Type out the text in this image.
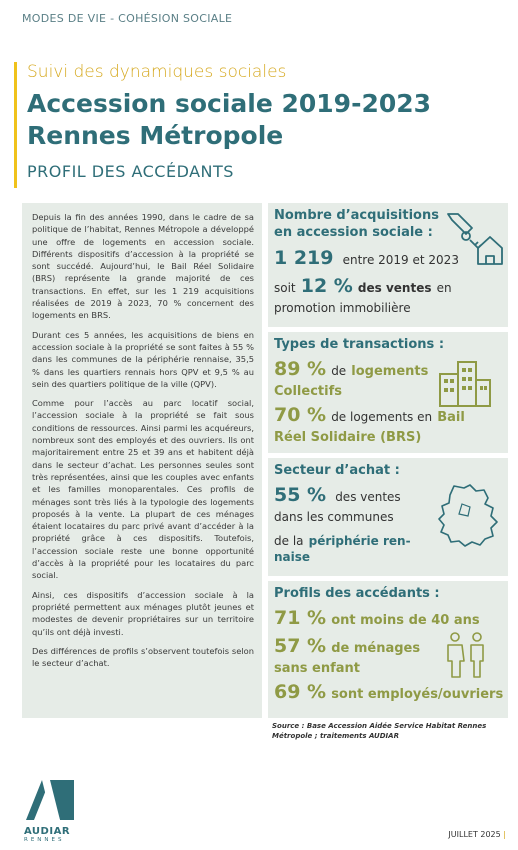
MODES DE VIE - COHÉSION SOCIALE
Suivi des dynamiques sociales
Accession sociale 2019-2023
Rennes Métropole
PROFIL DES ACCÉDANTS

Depuis la fin des années 1990, dans le cadre de sa politique de l’habitat, Rennes Métropole a développé une offre de logements en accession sociale. Différents dispositifs d’accession à la propriété se sont succédé. Aujourd’hui, le Bail Réel Solidaire (BRS) représente la grande majorité de ces transactions. En effet, sur les 1 219 acquisitions réalisées de 2019 à 2023, 70 % concernent des logements en BRS.

Durant ces 5 années, les acquisitions de biens en accession sociale à la propriété se sont faites à 55 % dans les communes de la périphérie rennaise, 35,5 % dans les quartiers rennais hors QPV et 9,5 % au sein des quartiers politique de la ville (QPV).

Comme pour l’accès au parc locatif social, l’accession sociale à la propriété se fait sous conditions de ressources. Ainsi parmi les acquéreurs, nombreux sont des employés et des ouvriers. Ils ont majoritairement entre 25 et 39 ans et habitent déjà dans le secteur d’achat. Les personnes seules sont très représentées, ainsi que les couples avec enfants et les familles monoparentales. Ces profils de ménages sont très liés à la typologie des logements proposés à la vente. La plupart de ces ménages étaient locataires du parc privé avant d’accéder à la propriété grâce à ces dispositifs. Toutefois, l’accession sociale reste une bonne opportunité d’accès à la propriété pour les locataires du parc social.

Ainsi, ces dispositifs d’accession sociale à la propriété permettent aux ménages plutôt jeunes et modestes de devenir propriétaires sur un territoire qu’ils ont déjà investi.

Des différences de profils s’observent toutefois selon le secteur d’achat.

Nombre d’acquisitions
en accession sociale :
1 219 entre 2019 et 2023
soit 12 % des ventes en
promotion immobilière
Types de transactions :
89 % de logements
Collectifs
70 % de logements en Bail
Réel Solidaire (BRS)
Secteur d’achat :
55 % des ventes
dans les communes
de la périphérie ren-
naise
Profils des accédants :
71 % ont moins de 40 ans
57 % de ménages
sans enfant
69 % sont employés/ouvriers
Source : Base Accession Aidée Service Habitat Rennes Métropole ; traitements AUDIAR
AUDIAR
RENNES
JUILLET 2025 |
